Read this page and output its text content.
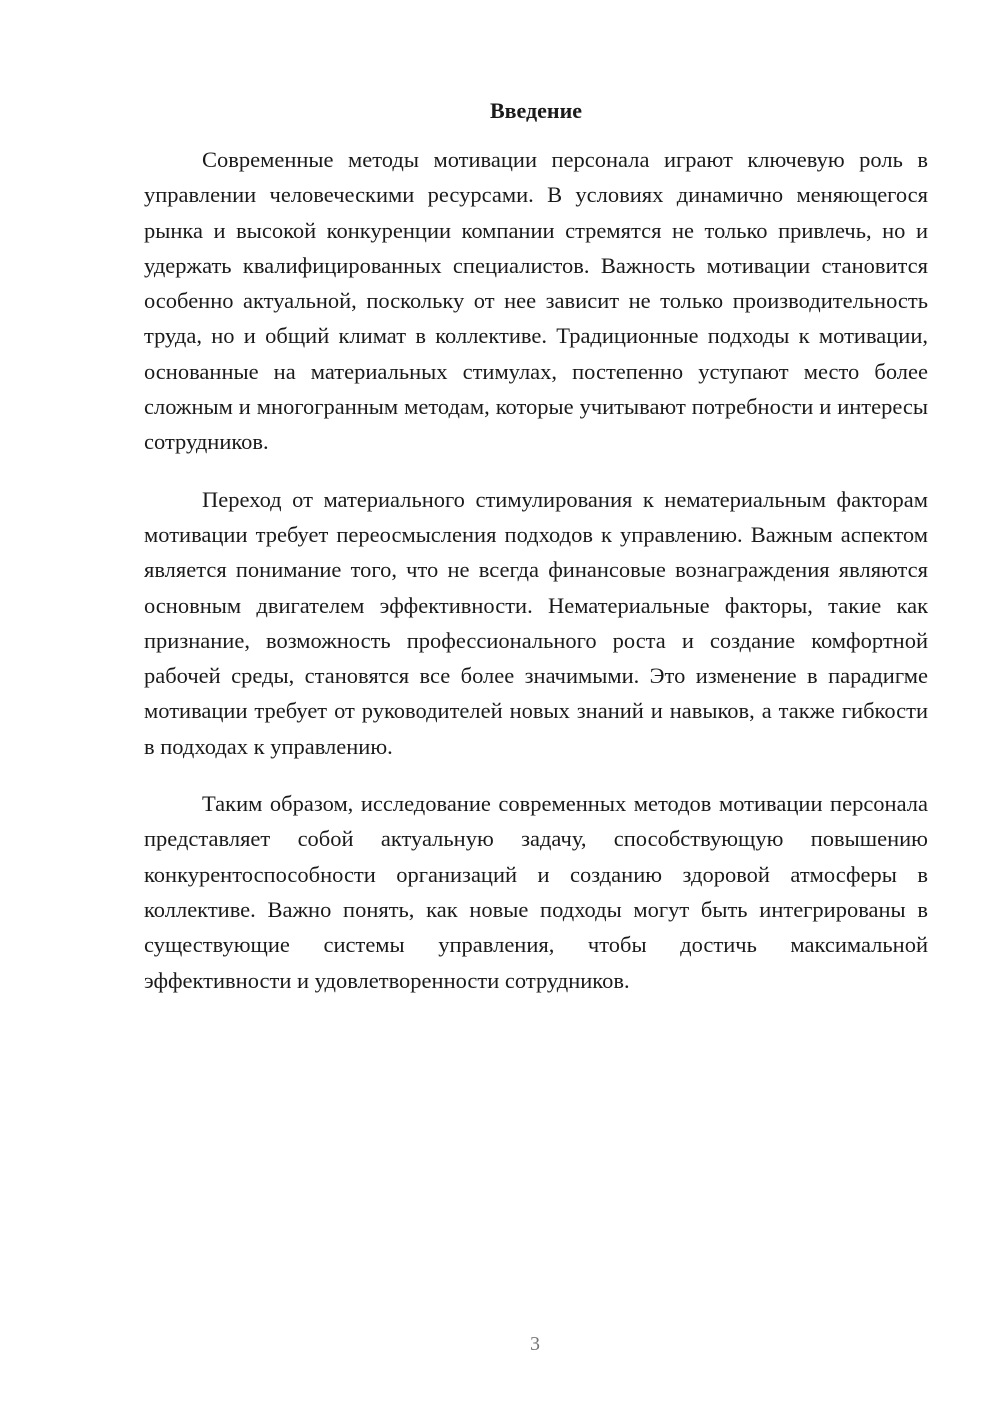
Введение

Современные методы мотивации персонала играют ключевую роль в управлении человеческими ресурсами. В условиях динамично меняющегося рынка и высокой конкуренции компании стремятся не только привлечь, но и удержать квалифицированных специалистов. Важность мотивации становится особенно актуальной, поскольку от нее зависит не только производительность труда, но и общий климат в коллективе. Традиционные подходы к мотивации, основанные на материальных стимулах, постепенно уступают место более сложным и многогранным методам, которые учитывают потребности и интересы сотрудников.

Переход от материального стимулирования к нематериальным факторам мотивации требует переосмысления подходов к управлению. Важным аспектом является понимание того, что не всегда финансовые вознаграждения являются основным двигателем эффективности. Нематериальные факторы, такие как признание, возможность профессионального роста и создание комфортной рабочей среды, становятся все более значимыми. Это изменение в парадигме мотивации требует от руководителей новых знаний и навыков, а также гибкости в подходах к управлению.

Таким образом, исследование современных методов мотивации персонала представляет собой актуальную задачу, способствующую повышению конкурентоспособности организаций и созданию здоровой атмосферы в коллективе. Важно понять, как новые подходы могут быть интегрированы в существующие системы управления, чтобы достичь максимальной эффективности и удовлетворенности сотрудников.

3
